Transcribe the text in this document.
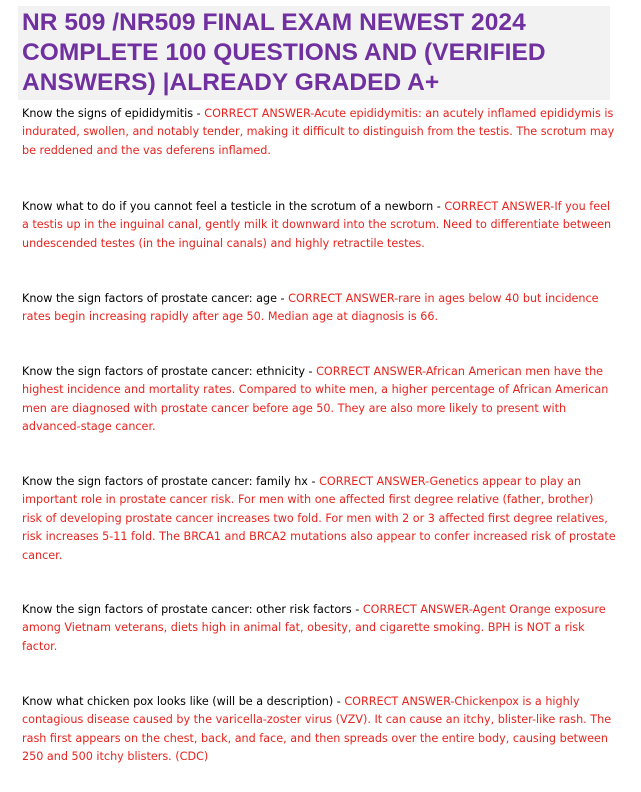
NR 509 /NR509 FINAL EXAM NEWEST 2024 COMPLETE 100 QUESTIONS AND (VERIFIED ANSWERS) |ALREADY GRADED A+

Know the signs of epididymitis - CORRECT ANSWER-Acute epididymitis: an acutely inflamed epididymis is indurated, swollen, and notably tender, making it difficult to distinguish from the testis. The scrotum may be reddened and the vas deferens inflamed.

Know what to do if you cannot feel a testicle in the scrotum of a newborn - CORRECT ANSWER-If you feel a testis up in the inguinal canal, gently milk it downward into the scrotum. Need to differentiate between undescended testes (in the inguinal canals) and highly retractile testes.

Know the sign factors of prostate cancer: age - CORRECT ANSWER-rare in ages below 40 but incidence rates begin increasing rapidly after age 50. Median age at diagnosis is 66.

Know the sign factors of prostate cancer: ethnicity - CORRECT ANSWER-African American men have the highest incidence and mortality rates. Compared to white men, a higher percentage of African American men are diagnosed with prostate cancer before age 50. They are also more likely to present with advanced-stage cancer.

Know the sign factors of prostate cancer: family hx - CORRECT ANSWER-Genetics appear to play an important role in prostate cancer risk. For men with one affected first degree relative (father, brother) risk of developing prostate cancer increases two fold. For men with 2 or 3 affected first degree relatives, risk increases 5-11 fold. The BRCA1 and BRCA2 mutations also appear to confer increased risk of prostate cancer.

Know the sign factors of prostate cancer: other risk factors - CORRECT ANSWER-Agent Orange exposure among Vietnam veterans, diets high in animal fat, obesity, and cigarette smoking. BPH is NOT a risk factor.

Know what chicken pox looks like (will be a description) - CORRECT ANSWER-Chickenpox is a highly contagious disease caused by the varicella-zoster virus (VZV). It can cause an itchy, blister-like rash. The rash first appears on the chest, back, and face, and then spreads over the entire body, causing between 250 and 500 itchy blisters. (CDC)
